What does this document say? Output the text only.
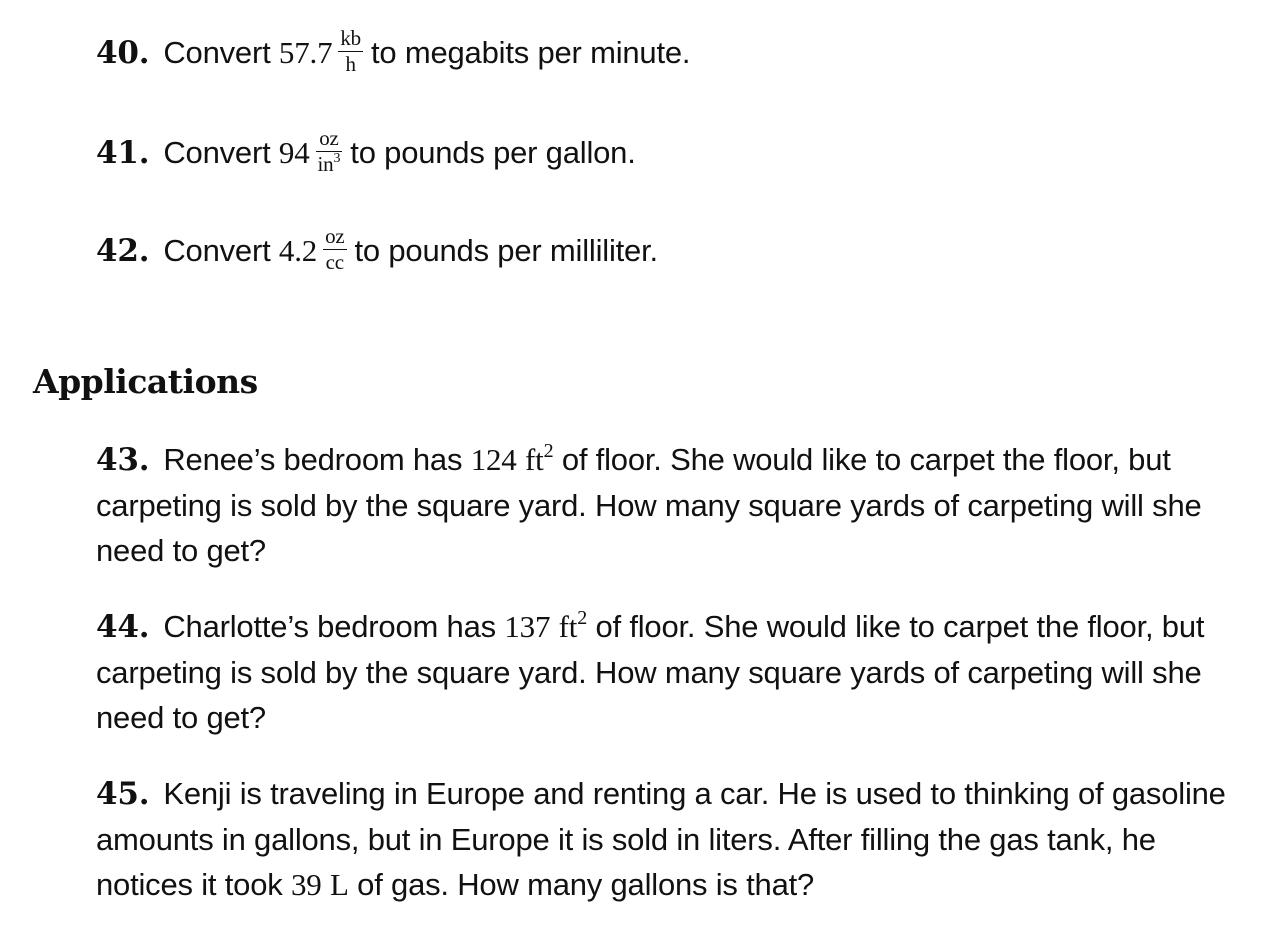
40. Convert $57.7 \frac{kb}{h}$ to megabits per minute.
41. Convert $94 \frac{oz}{in^3}$ to pounds per gallon.
42. Convert $4.2 \frac{oz}{cc}$ to pounds per milliliter.
Applications
43. Renee’s bedroom has 124 $ft^2$ of floor. She would like to carpet the floor, but carpeting is sold by the square yard. How many square yards of carpeting will she need to get?
44. Charlotte’s bedroom has 137 $ft^2$ of floor. She would like to carpet the floor, but carpeting is sold by the square yard. How many square yards of carpeting will she need to get?
45. Kenji is traveling in Europe and renting a car. He is used to thinking of gasoline amounts in gallons, but in Europe it is sold in liters. After filling the gas tank, he notices it took 39 L of gas. How many gallons is that?
